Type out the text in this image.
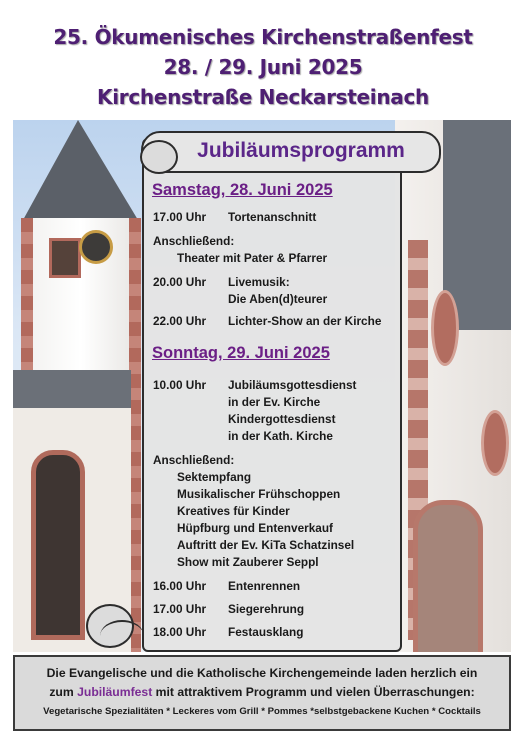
25. Ökumenisches Kirchenstraßenfest
28. / 29. Juni 2025
Kirchenstraße Neckarsteinach
Jubiläumsprogramm
Samstag, 28. Juni 2025
17.00 Uhr Tortenanschnitt
Anschließend:
Theater mit Pater & Pfarrer
20.00 Uhr Livemusik:
Die Aben(d)teurer
22.00 Uhr Lichter-Show an der Kirche
Sonntag, 29. Juni 2025
10.00 Uhr Jubiläumsgottesdienst
in der Ev. Kirche
Kindergottesdienst
in der Kath. Kirche
Anschließend:
Sektempfang
Musikalischer Frühschoppen
Kreatives für Kinder
Hüpfburg und Entenverkauf
Auftritt der Ev. KiTa Schatzinsel
Show mit Zauberer Seppl
16.00 Uhr Entenrennen
17.00 Uhr Siegerehrung
18.00 Uhr Festausklang
Die Evangelische und die Katholische Kirchengemeinde laden herzlich ein
zum Jubiläumfest mit attraktivem Programm und vielen Überraschungen:
Vegetarische Spezialitäten * Leckeres vom Grill * Pommes *selbstgebackene Kuchen * Cocktails
